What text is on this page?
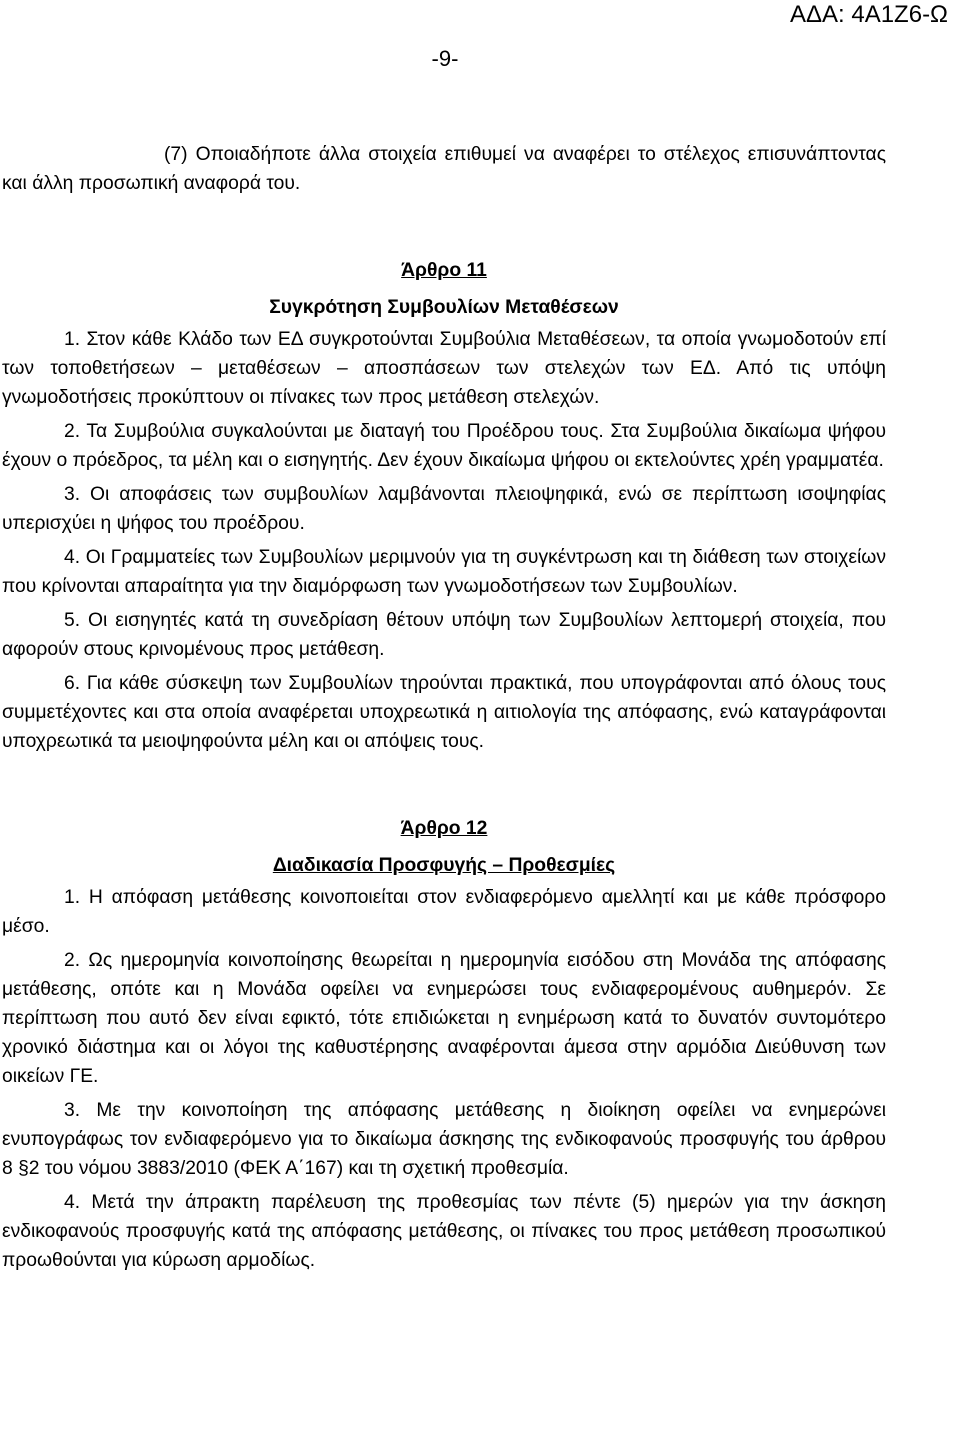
ΑΔΑ: 4Α1Ζ6-Ω
-9-

(7) Οποιαδήποτε άλλα στοιχεία επιθυμεί να αναφέρει το στέλεχος επισυνάπτοντας και άλλη προσωπική αναφορά του.

Άρθρο 11

Συγκρότηση Συμβουλίων Μεταθέσεων

1. Στον κάθε Κλάδο των ΕΔ συγκροτούνται Συμβούλια Μεταθέσεων, τα οποία γνωμοδοτούν επί των τοποθετήσεων – μεταθέσεων – αποσπάσεων των στελεχών των ΕΔ. Από τις υπόψη γνωμοδοτήσεις προκύπτουν οι πίνακες των προς μετάθεση στελεχών.

2. Τα Συμβούλια συγκαλούνται με διαταγή του Προέδρου τους. Στα Συμβούλια δικαίωμα ψήφου έχουν ο πρόεδρος, τα μέλη και ο εισηγητής. Δεν έχουν δικαίωμα ψήφου οι εκτελούντες χρέη γραμματέα.

3. Οι αποφάσεις των συμβουλίων λαμβάνονται πλειοψηφικά, ενώ σε περίπτωση ισοψηφίας υπερισχύει η ψήφος του προέδρου.

4. Οι Γραμματείες των Συμβουλίων μεριμνούν για τη συγκέντρωση και τη διάθεση των στοιχείων που κρίνονται απαραίτητα για την διαμόρφωση των γνωμοδοτήσεων των Συμβουλίων.

5. Οι εισηγητές κατά τη συνεδρίαση θέτουν υπόψη των Συμβουλίων λεπτομερή στοιχεία, που αφορούν στους κρινομένους προς μετάθεση.

6. Για κάθε σύσκεψη των Συμβουλίων τηρούνται πρακτικά, που υπογράφονται από όλους τους συμμετέχοντες και στα οποία αναφέρεται υποχρεωτικά η αιτιολογία της απόφασης, ενώ καταγράφονται υποχρεωτικά τα μειοψηφούντα μέλη και οι απόψεις τους.

Άρθρο 12

Διαδικασία Προσφυγής – Προθεσμίες

1. Η απόφαση μετάθεσης κοινοποιείται στον ενδιαφερόμενο αμελλητί και με κάθε πρόσφορο μέσο.

2. Ως ημερομηνία κοινοποίησης θεωρείται η ημερομηνία εισόδου στη Μονάδα της απόφασης μετάθεσης, οπότε και η Μονάδα οφείλει να ενημερώσει τους ενδιαφερομένους αυθημερόν. Σε περίπτωση που αυτό δεν είναι εφικτό, τότε επιδιώκεται η ενημέρωση κατά το δυνατόν συντομότερο χρονικό διάστημα και οι λόγοι της καθυστέρησης αναφέρονται άμεσα στην αρμόδια Διεύθυνση των οικείων ΓΕ.

3. Με την κοινοποίηση της απόφασης μετάθεσης η διοίκηση οφείλει να ενημερώνει ενυπογράφως τον ενδιαφερόμενο για το δικαίωμα άσκησης της ενδικοφανούς προσφυγής του άρθρου 8 §2 του νόμου 3883/2010 (ΦΕΚ Α΄167) και τη σχετική προθεσμία.

4. Μετά την άπρακτη παρέλευση της προθεσμίας των πέντε (5) ημερών για την άσκηση ενδικοφανούς προσφυγής κατά της απόφασης μετάθεσης, οι πίνακες του προς μετάθεση προσωπικού προωθούνται για κύρωση αρμοδίως.
